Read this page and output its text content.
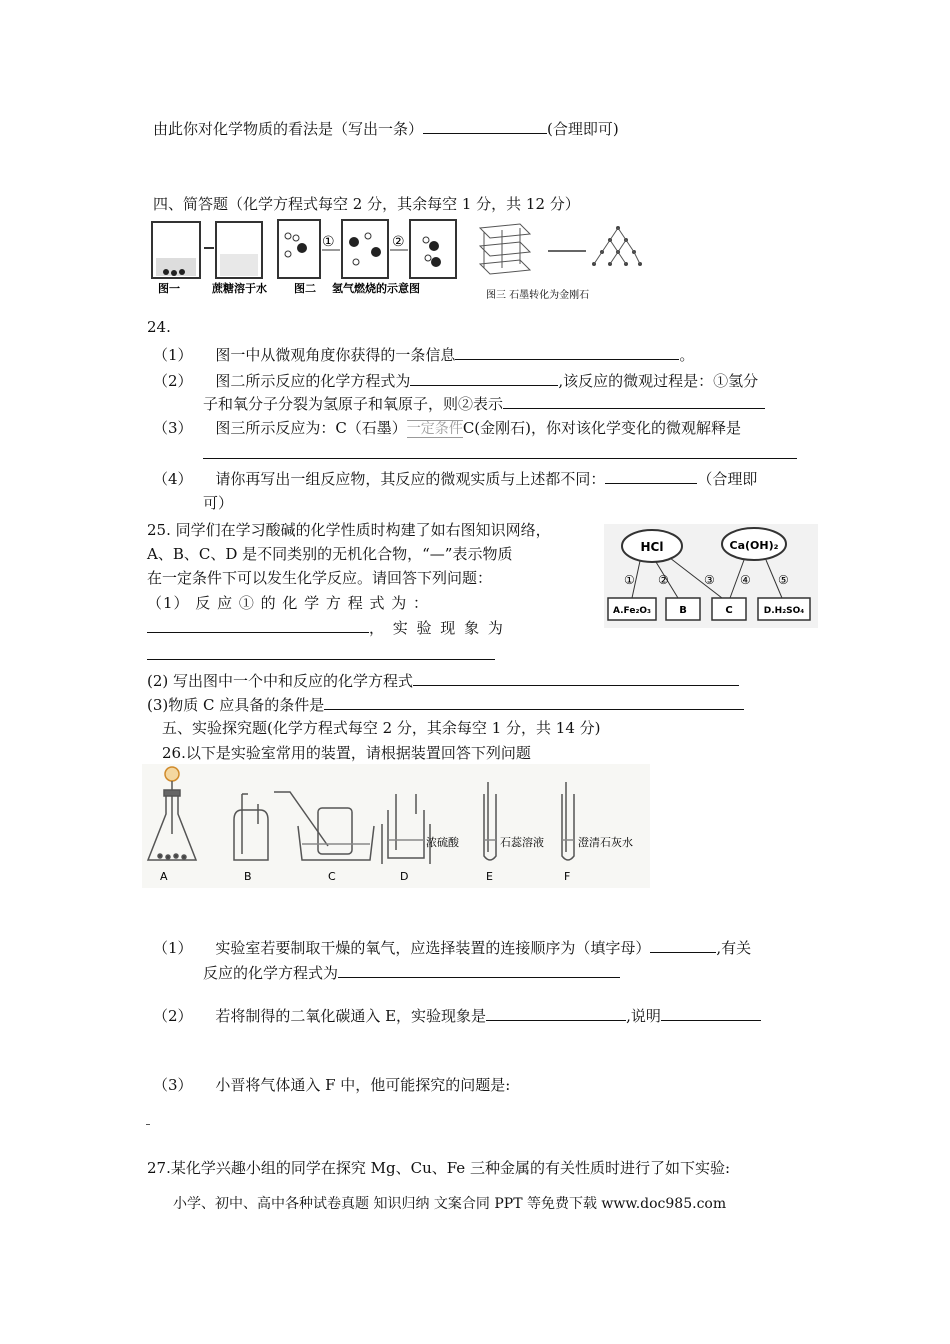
由此你对化学物质的看法是（写出一条）	(合理即可)
四、简答题（化学方程式每空 2 分，其余每空 1 分，共 12 分）
图一	蔗糖溶于水
①	②
图二 氢气燃烧的示意图
图三 石墨转化为金刚石
24.
（1） 图一中从微观角度你获得的一条信息	。
（2） 图二所示反应的化学方程式为	,该反应的微观过程是：①氢分
子和氧分子分裂为氢原子和氧原子，则②表示
（3） 图三所示反应为：C（石墨）一定条件C(金刚石)，你对该化学变化的微观解释是
（4） 请你再写出一组反应物，其反应的微观实质与上述都不同：	（合理即
可）
25. 同学们在学习酸碱的化学性质时构建了如右图知识网络，
A、B、C、D 是不同类别的无机化合物，“—”表示物质
在一定条件下可以发生化学反应。请回答下列问题：
（1） 反 应 ① 的 化 学 方 程 式 为 ：
， 实 验 现 象 为
HCl	Ca(OH)₂
① ②	③ ④ ⑤
A.Fe₂O₃	B	C	D.H₂SO₄
(2) 写出图中一个中和反应的化学方程式
(3)物质 C 应具备的条件是
五、实验探究题(化学方程式每空 2 分，其余每空 1 分，共 14 分)
26.以下是实验室常用的装置，请根据装置回答下列问题
A	B	C
浓硫酸
D
石蕊溶液
E
澄清石灰水
F
（1） 实验室若要制取干燥的氧气，应选择装置的连接顺序为（填字母）	,有关
反应的化学方程式为
（2） 若将制得的二氧化碳通入 E，实验现象是	,说明
（3） 小晋将气体通入 F 中，他可能探究的问题是:
27.某化学兴趣小组的同学在探究 Mg、Cu、Fe 三种金属的有关性质时进行了如下实验:
小学、初中、高中各种试卷真题 知识归纳 文案合同 PPT 等免费下载 www.doc985.com
